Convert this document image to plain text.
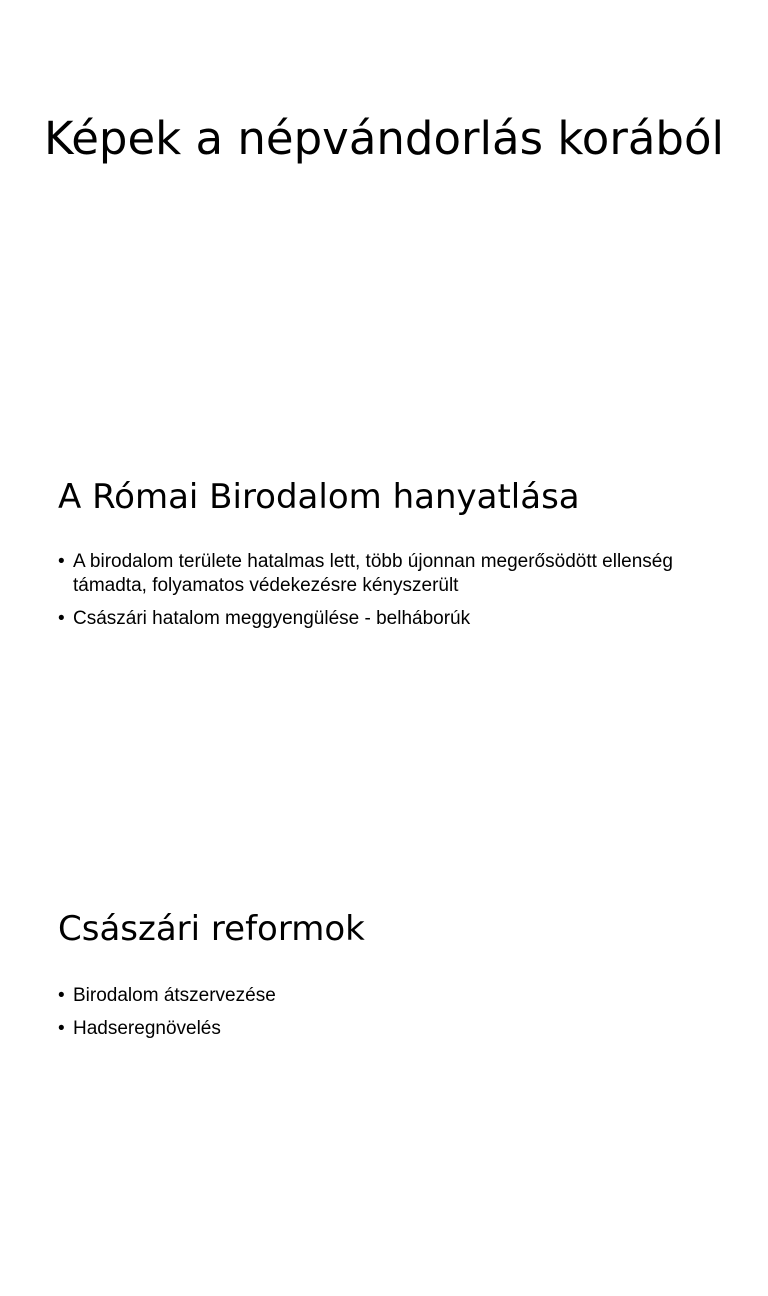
Képek a népvándorlás korából
A Római Birodalom hanyatlása
• A birodalom területe hatalmas lett, több újonnan megerősödött ellenség támadta, folyamatos védekezésre kényszerült
• Császári hatalom meggyengülése - belháborúk
Császári reformok
• Birodalom átszervezése
• Hadseregnövelés
